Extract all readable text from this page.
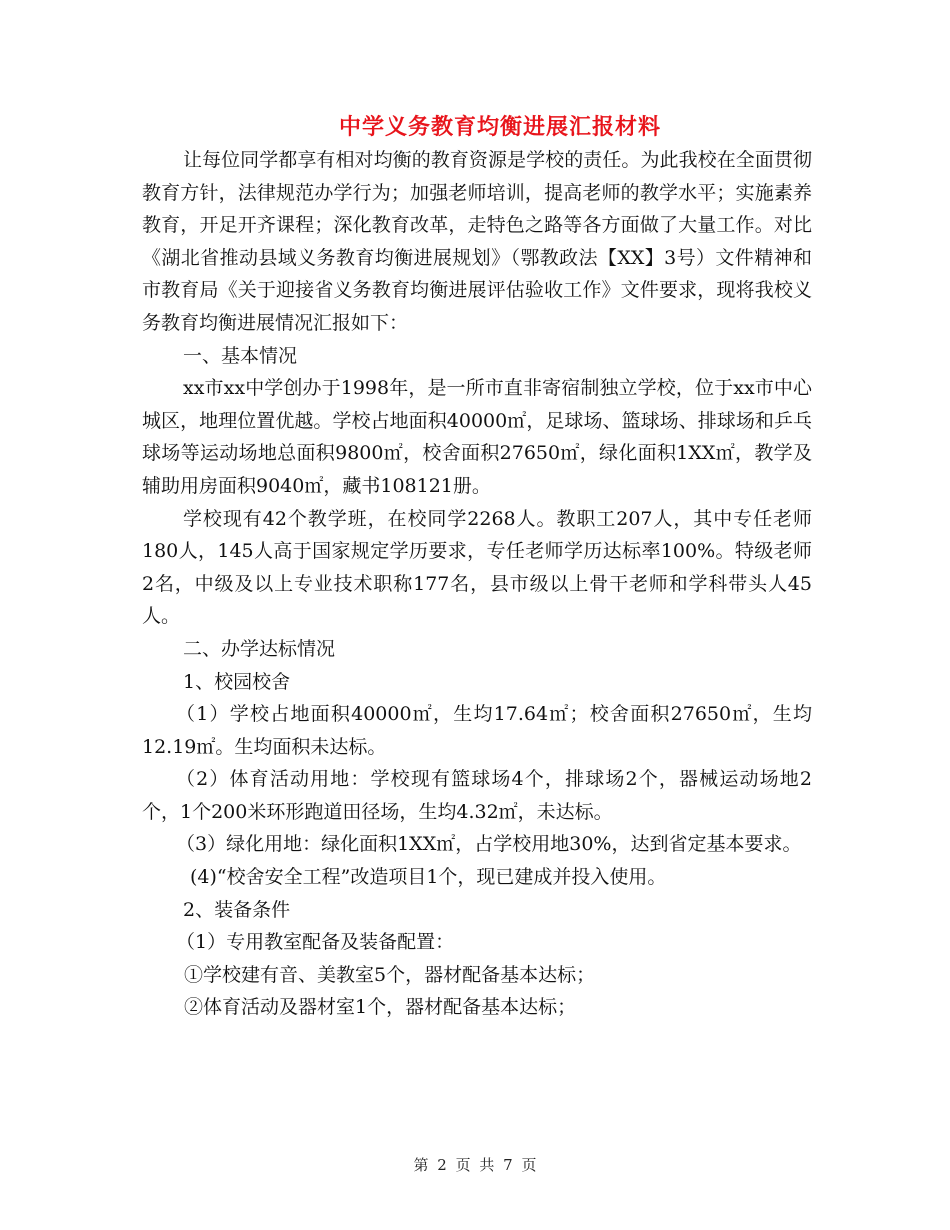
中学义务教育均衡进展汇报材料

让每位同学都享有相对均衡的教育资源是学校的责任。为此我校在全面贯彻教育方针，法律规范办学行为；加强老师培训，提高老师的教学水平；实施素养教育，开足开齐课程；深化教育改革，走特色之路等各方面做了大量工作。对比《湖北省推动县域义务教育均衡进展规划》（鄂教政法【XX】3号）文件精神和市教育局《关于迎接省义务教育均衡进展评估验收工作》文件要求，现将我校义务教育均衡进展情况汇报如下：

一、基本情况

xx市xx中学创办于1998年，是一所市直非寄宿制独立学校，位于xx市中心城区，地理位置优越。学校占地面积40000㎡，足球场、篮球场、排球场和乒乓球场等运动场地总面积9800㎡，校舍面积27650㎡，绿化面积1XX㎡，教学及辅助用房面积9040㎡，藏书108121册。

学校现有42个教学班，在校同学2268人。教职工207人，其中专任老师180人，145人高于国家规定学历要求，专任老师学历达标率100%。特级老师2名，中级及以上专业技术职称177名，县市级以上骨干老师和学科带头人45人。

二、办学达标情况

1、校园校舍

（1）学校占地面积40000㎡，生均17.64㎡；校舍面积27650㎡，生均12.19㎡。生均面积未达标。

（2）体育活动用地：学校现有篮球场4个，排球场2个，器械运动场地2个，1个200米环形跑道田径场，生均4.32㎡，未达标。

（3）绿化用地：绿化面积1XX㎡，占学校用地30%，达到省定基本要求。

(4)“校舍安全工程”改造项目1个，现已建成并投入使用。

2、装备条件

（1）专用教室配备及装备配置：

①学校建有音、美教室5个，器材配备基本达标；

②体育活动及器材室1个，器材配备基本达标；

第 2 页 共 7 页
